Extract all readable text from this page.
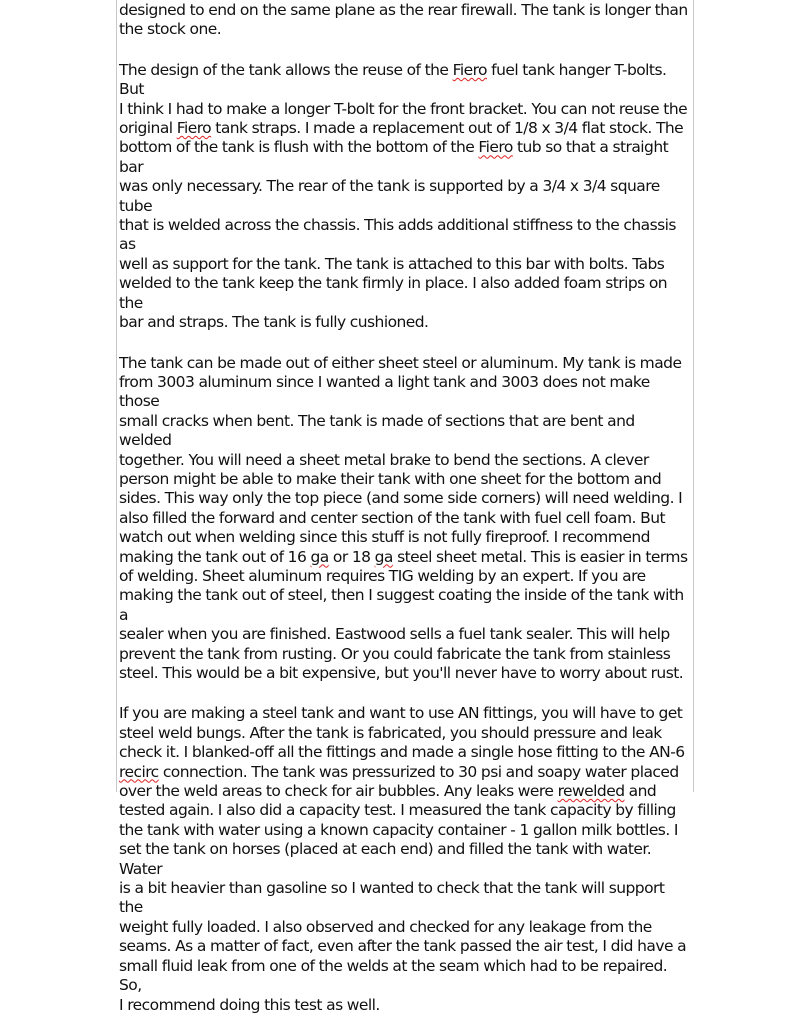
designed to end on the same plane as the rear firewall. The tank is longer than
the stock one.

The design of the tank allows the reuse of the Fiero fuel tank hanger T-bolts. But
I think I had to make a longer T-bolt for the front bracket. You can not reuse the
original Fiero tank straps. I made a replacement out of 1/8 x 3/4 flat stock. The
bottom of the tank is flush with the bottom of the Fiero tub so that a straight bar
was only necessary. The rear of the tank is supported by a 3/4 x 3/4 square tube
that is welded across the chassis. This adds additional stiffness to the chassis as
well as support for the tank. The tank is attached to this bar with bolts. Tabs
welded to the tank keep the tank firmly in place. I also added foam strips on the
bar and straps. The tank is fully cushioned.

The tank can be made out of either sheet steel or aluminum. My tank is made
from 3003 aluminum since I wanted a light tank and 3003 does not make those
small cracks when bent. The tank is made of sections that are bent and welded
together. You will need a sheet metal brake to bend the sections. A clever
person might be able to make their tank with one sheet for the bottom and
sides. This way only the top piece (and some side corners) will need welding. I
also filled the forward and center section of the tank with fuel cell foam. But
watch out when welding since this stuff is not fully fireproof. I recommend
making the tank out of 16 ga or 18 ga steel sheet metal. This is easier in terms
of welding. Sheet aluminum requires TIG welding by an expert. If you are
making the tank out of steel, then I suggest coating the inside of the tank with a
sealer when you are finished. Eastwood sells a fuel tank sealer. This will help
prevent the tank from rusting. Or you could fabricate the tank from stainless
steel. This would be a bit expensive, but you'll never have to worry about rust.

If you are making a steel tank and want to use AN fittings, you will have to get
steel weld bungs. After the tank is fabricated, you should pressure and leak
check it. I blanked-off all the fittings and made a single hose fitting to the AN-6
recirc connection. The tank was pressurized to 30 psi and soapy water placed
over the weld areas to check for air bubbles. Any leaks were rewelded and
tested again. I also did a capacity test. I measured the tank capacity by filling
the tank with water using a known capacity container - 1 gallon milk bottles. I
set the tank on horses (placed at each end) and filled the tank with water. Water
is a bit heavier than gasoline so I wanted to check that the tank will support the
weight fully loaded. I also observed and checked for any leakage from the
seams. As a matter of fact, even after the tank passed the air test, I did have a
small fluid leak from one of the welds at the seam which had to be repaired. So,
I recommend doing this test as well.
